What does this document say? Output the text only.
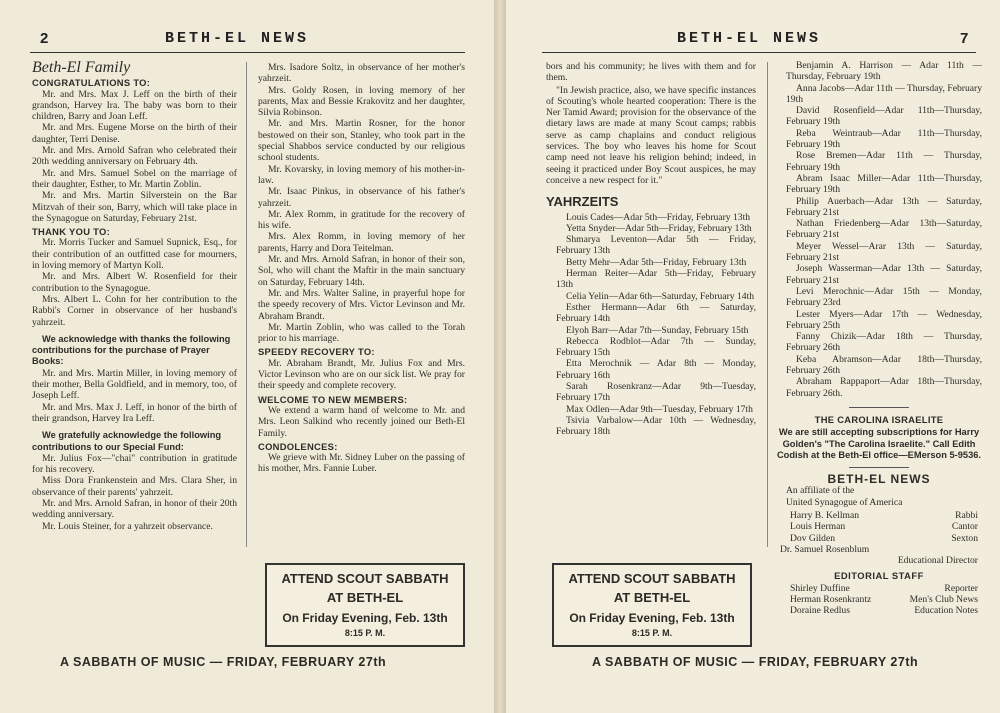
2	BETH-EL NEWS
Beth-El Family
CONGRATULATIONS TO:

Mr. and Mrs. Max J. Leff on the birth of their grandson, Harvey Ira. The baby was born to their children, Barry and Joan Leff.

Mr. and Mrs. Eugene Morse on the birth of their daughter, Terri Denise.

Mr. and Mrs. Arnold Safran who celebrated their 20th wedding anniversary on February 4th.

Mr. and Mrs. Samuel Sobel on the marriage of their daughter, Esther, to Mr. Martin Zoblin.

Mr. and Mrs. Martin Silverstein on the Bar Mitzvah of their son, Barry, which will take place in the Synagogue on Saturday, February 21st.

THANK YOU TO:

Mr. Morris Tucker and Samuel Supnick, Esq., for their contribution of an outfitted case for mourners, in loving memory of Martyn Koll.

Mr. and Mrs. Albert W. Rosenfield for their contribution to the Synagogue.

Mrs. Albert L. Cohn for her contribution to the Rabbi's Corner in observance of her husband's yahrzeit.

We acknowledge with thanks the following contributions for the purchase of Prayer Books:

Mr. and Mrs. Martin Miller, in loving memory of their mother, Bella Goldfield, and in memory, too, of Joseph Leff.

Mr. and Mrs. Max J. Leff, in honor of the birth of their grandson, Harvey Ira Leff.

We gratefully acknowledge the following contributions to our Special Fund:

Mr. Julius Fox—"chai" contribution in gratitude for his recovery.

Miss Dora Frankenstein and Mrs. Clara Sher, in observance of their parents' yahrzeit.

Mr. and Mrs. Arnold Safran, in honor of their 20th wedding anniversary.

Mr. Louis Steiner, for a yahrzeit observance.

Mrs. Isadore Soltz, in observance of her mother's yahrzeit.

Mrs. Goldy Rosen, in loving memory of her parents, Max and Bessie Krakovitz and her daughter, Silvia Robinson.

Mr. and Mrs. Martin Rosner, for the honor bestowed on their son, Stanley, who took part in the special Shabbos service conducted by our religious school students.

Mr. Kovarsky, in loving memory of his mother-in-law.

Mr. Isaac Pinkus, in observance of his father's yahrzeit.

Mr. Alex Romm, in gratitude for the recovery of his wife.

Mrs. Alex Romm, in loving memory of her parents, Harry and Dora Teitelman.

Mr. and Mrs. Arnold Safran, in honor of their son, Sol, who will chant the Maftir in the main sanctuary on Saturday, February 14th.

Mr. and Mrs. Walter Saline, in prayerful hope for the speedy recovery of Mrs. Victor Levinson and Mr. Abraham Brandt.

Mr. Martin Zoblin, who was called to the Torah prior to his marriage.

SPEEDY RECOVERY TO:

Mr. Abraham Brandt, Mr. Julius Fox and Mrs. Victor Levinson who are on our sick list. We pray for their speedy and complete recovery.

WELCOME TO NEW MEMBERS:

We extend a warm hand of welcome to Mr. and Mrs. Leon Salkind who recently joined our Beth-El Family.

CONDOLENCES:

We grieve with Mr. Sidney Luber on the passing of his mother, Mrs. Fannie Luber.

ATTEND SCOUT SABBATH
AT BETH-EL
On Friday Evening, Feb. 13th
8:15 P. M.
A SABBATH OF MUSIC — FRIDAY, FEBRUARY 27th
BETH-EL NEWS	7

bors and his community; he lives with them and for them.

"In Jewish practice, also, we have specific instances of Scouting's whole hearted cooperation: There is the Ner Tamid Award; provision for the observance of the dietary laws are made at many Scout camps; rabbis serve as camp chaplains and conduct religious services. The boy who leaves his home for Scout camp need not leave his religion behind; indeed, in seeing it practiced under Boy Scout auspices, he may conceive a new respect for it."

YAHRZEITS

Louis Cades—Adar 5th—Friday, February 13th

Yetta Snyder—Adar 5th—Friday, February 13th

Shmarya Leventon—Adar 5th — Friday, February 13th

Betty Mehr—Adar 5th—Friday, February 13th

Herman Reiter—Adar 5th—Friday, February 13th

Celia Yelin—Adar 6th—Saturday, February 14th

Esther Hermann—Adar 6th — Saturday, February 14th

Elyoh Barr—Adar 7th—Sunday, February 15th

Rebecca Rodblot—Adar 7th — Sunday, February 15th

Etta Merochnik — Adar 8th — Monday, February 16th

Sarah Rosenkranz—Adar 9th—Tuesday, February 17th

Max Odlen—Adar 9th—Tuesday, February 17th

Tsivia Varbalow—Adar 10th — Wednesday, February 18th

Benjamin A. Harrison — Adar 11th — Thursday, February 19th

Anna Jacobs—Adar 11th — Thursday, February 19th

David Rosenfield—Adar 11th—Thursday, February 19th

Reba Weintraub—Adar 11th—Thursday, February 19th

Rose Bremen—Adar 11th — Thursday, February 19th

Abram Isaac Miller—Adar 11th—Thursday, February 19th

Philip Auerbach—Adar 13th — Saturday, February 21st

Nathan Friedenberg—Adar 13th—Saturday, February 21st

Meyer Wessel—Arar 13th — Saturday, February 21st

Joseph Wasserman—Adar 13th — Saturday, February 21st

Levi Merochnic—Adar 15th — Monday, February 23rd

Lester Myers—Adar 17th — Wednesday, February 25th

Fanny Chizik—Adar 18th — Thursday, February 26th

Keba Abramson—Adar 18th—Thursday, February 26th

Abraham Rappaport—Adar 18th—Thursday, February 26th.

THE CAROLINA ISRAELITE
We are still accepting subscriptions for Harry Golden's "The Carolina Israelite." Call Edith Codish at the Beth-El office—EMerson 5-9536.
BETH-EL NEWS

An affiliate of the

United Synagogue of America

Harry B. Kellman	Rabbi

Louis Herman	Cantor

Dov Gilden	Sexton

Dr. Samuel Rosenblum

Educational Director

EDITORIAL STAFF

Shirley Duffine	Reporter

Herman Rosenkrantz	Men's Club News

Doraine Redlus	Education Notes

ATTEND SCOUT SABBATH
AT BETH-EL
On Friday Evening, Feb. 13th
8:15 P. M.
A SABBATH OF MUSIC — FRIDAY, FEBRUARY 27th
